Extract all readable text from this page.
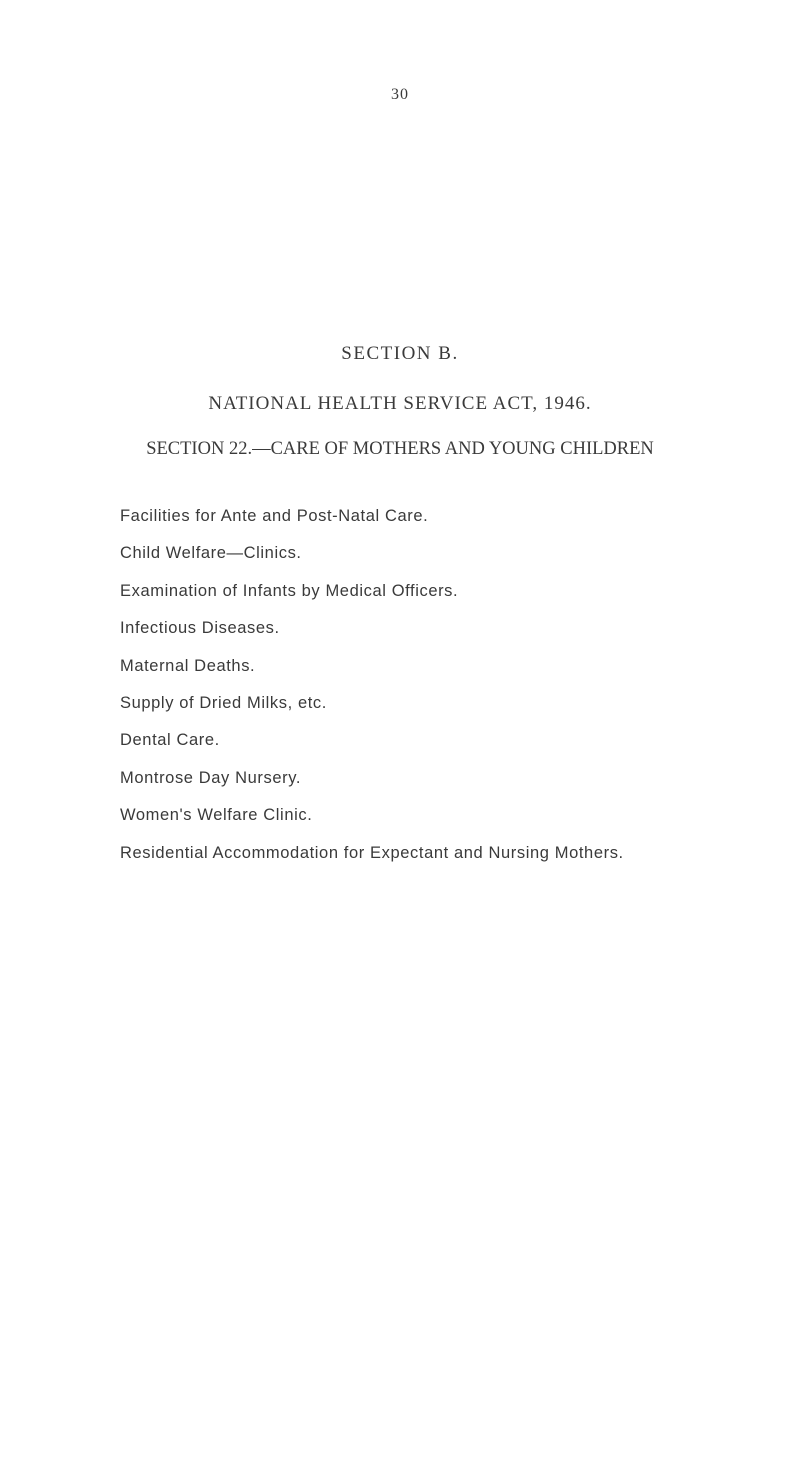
30
SECTION B.
NATIONAL HEALTH SERVICE ACT, 1946.
SECTION 22.—CARE OF MOTHERS AND YOUNG CHILDREN
Facilities for Ante and Post-Natal Care.
Child Welfare—Clinics.
Examination of Infants by Medical Officers.
Infectious Diseases.
Maternal Deaths.
Supply of Dried Milks, etc.
Dental Care.
Montrose Day Nursery.
Women's Welfare Clinic.
Residential Accommodation for Expectant and Nursing Mothers.
